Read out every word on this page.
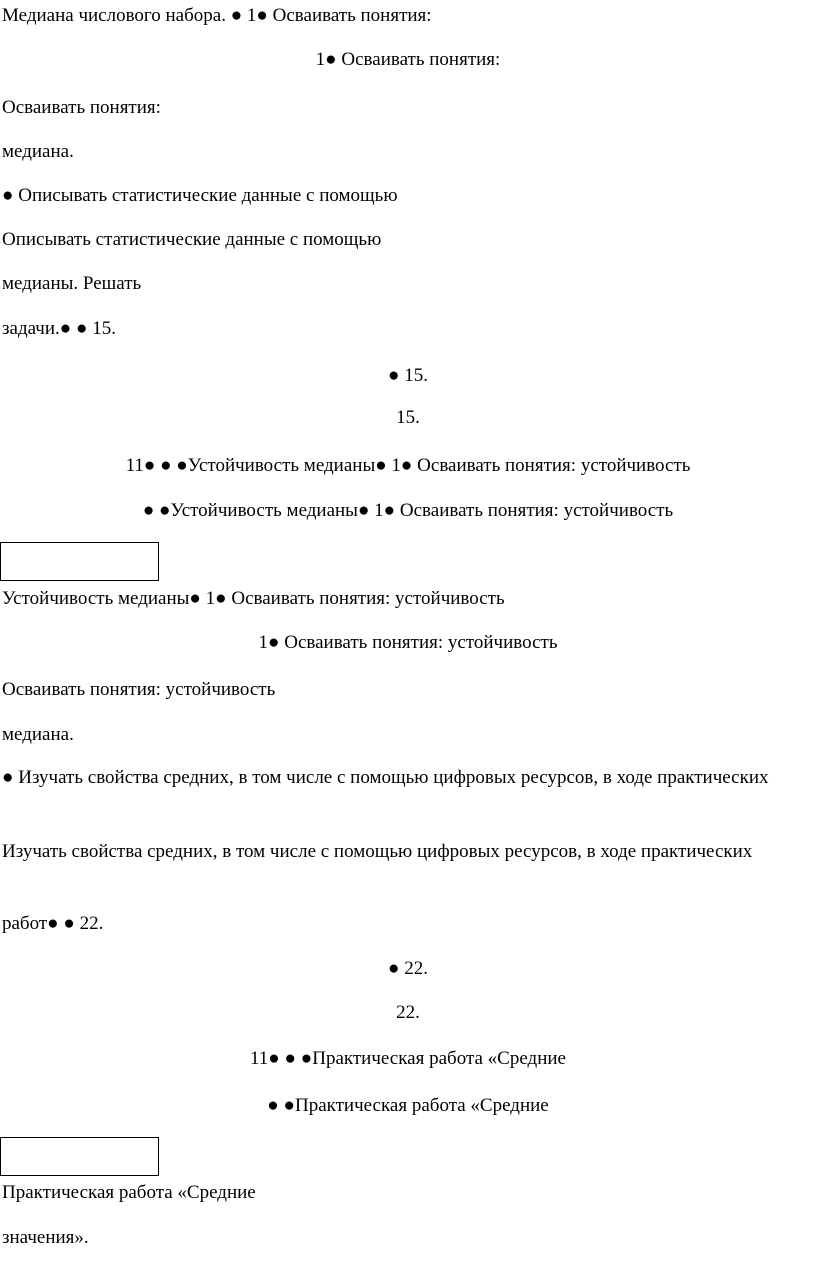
Медиана числового набора. ● 1● Осваивать понятия:
1● Осваивать понятия:
Осваивать понятия:
медиана.
● Описывать статистические данные с помощью
Описывать статистические данные с помощью
медианы. Решать
задачи.● ● 15.
● 15.
15.
11● ● ●Устойчивость медианы● 1● Осваивать понятия: устойчивость
● ●Устойчивость медианы● 1● Осваивать понятия: устойчивость
Устойчивость медианы● 1● Осваивать понятия: устойчивость
1● Осваивать понятия: устойчивость
Осваивать понятия: устойчивость
медиана.
● Изучать свойства средних, в том числе с помощью цифровых ресурсов, в ходе практических
Изучать свойства средних, в том числе с помощью цифровых ресурсов, в ходе практических
работ● ● 22.
● 22.
22.
11● ● ●Практическая работа «Средние
● ●Практическая работа «Средние
Практическая работа «Средние
значения».
